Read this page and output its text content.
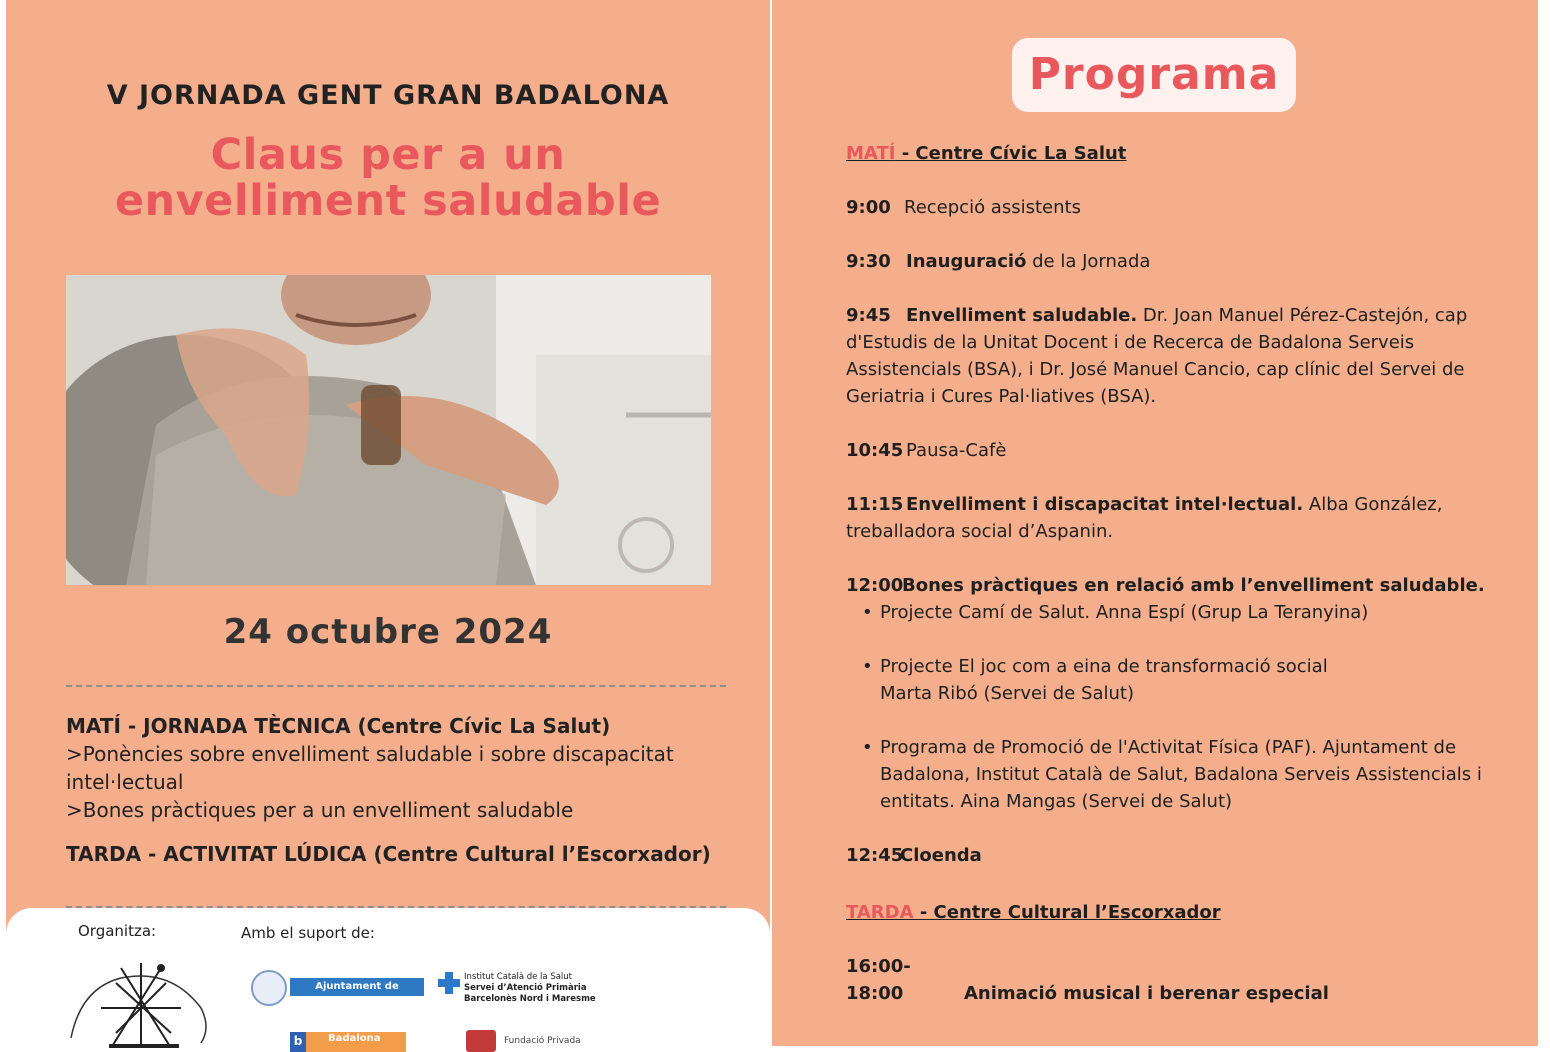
V JORNADA GENT GRAN BADALONA
Claus per a un
envelliment saludable
24 octubre 2024
MATÍ - JORNADA TÈCNICA (Centre Cívic La Salut)
>Ponències sobre envelliment saludable i sobre discapacitat intel·lectual
>Bones pràctiques per a un envelliment saludable
TARDA - ACTIVITAT LÚDICA (Centre Cultural l’Escorxador)
Organitza:	Amb el suport de:
Ajuntament de Badalona
Institut Català de la Salut
Servei d’Atenció Primària
Barcelonès Nord i Maresme
b	Badalona	Fundació Privada
Programa
MATÍ - Centre Cívic La Salut
9:00 Recepció assistents
9:30 Inauguració de la Jornada
9:45 Envelliment saludable. Dr. Joan Manuel Pérez-Castejón, cap d'Estudis de la Unitat Docent i de Recerca de Badalona Serveis Assistencials (BSA), i Dr. José Manuel Cancio, cap clínic del Servei de Geriatria i Cures Pal·liatives (BSA).
10:45 Pausa-Cafè
11:15 Envelliment i discapacitat intel·lectual. Alba González, treballadora social d’Aspanin.
12:00Bones pràctiques en relació amb l’envelliment saludable.
• Projecte Camí de Salut. Anna Espí (Grup La Teranyina)
• Projecte El joc com a eina de transformació social
Marta Ribó (Servei de Salut)
• Programa de Promoció de l'Activitat Física (PAF). Ajuntament de Badalona, Institut Català de Salut, Badalona Serveis Assistencials i entitats. Aina Mangas (Servei de Salut)
12:45Cloenda
TARDA - Centre Cultural l’Escorxador
16:00-18:00	Animació musical i berenar especial
